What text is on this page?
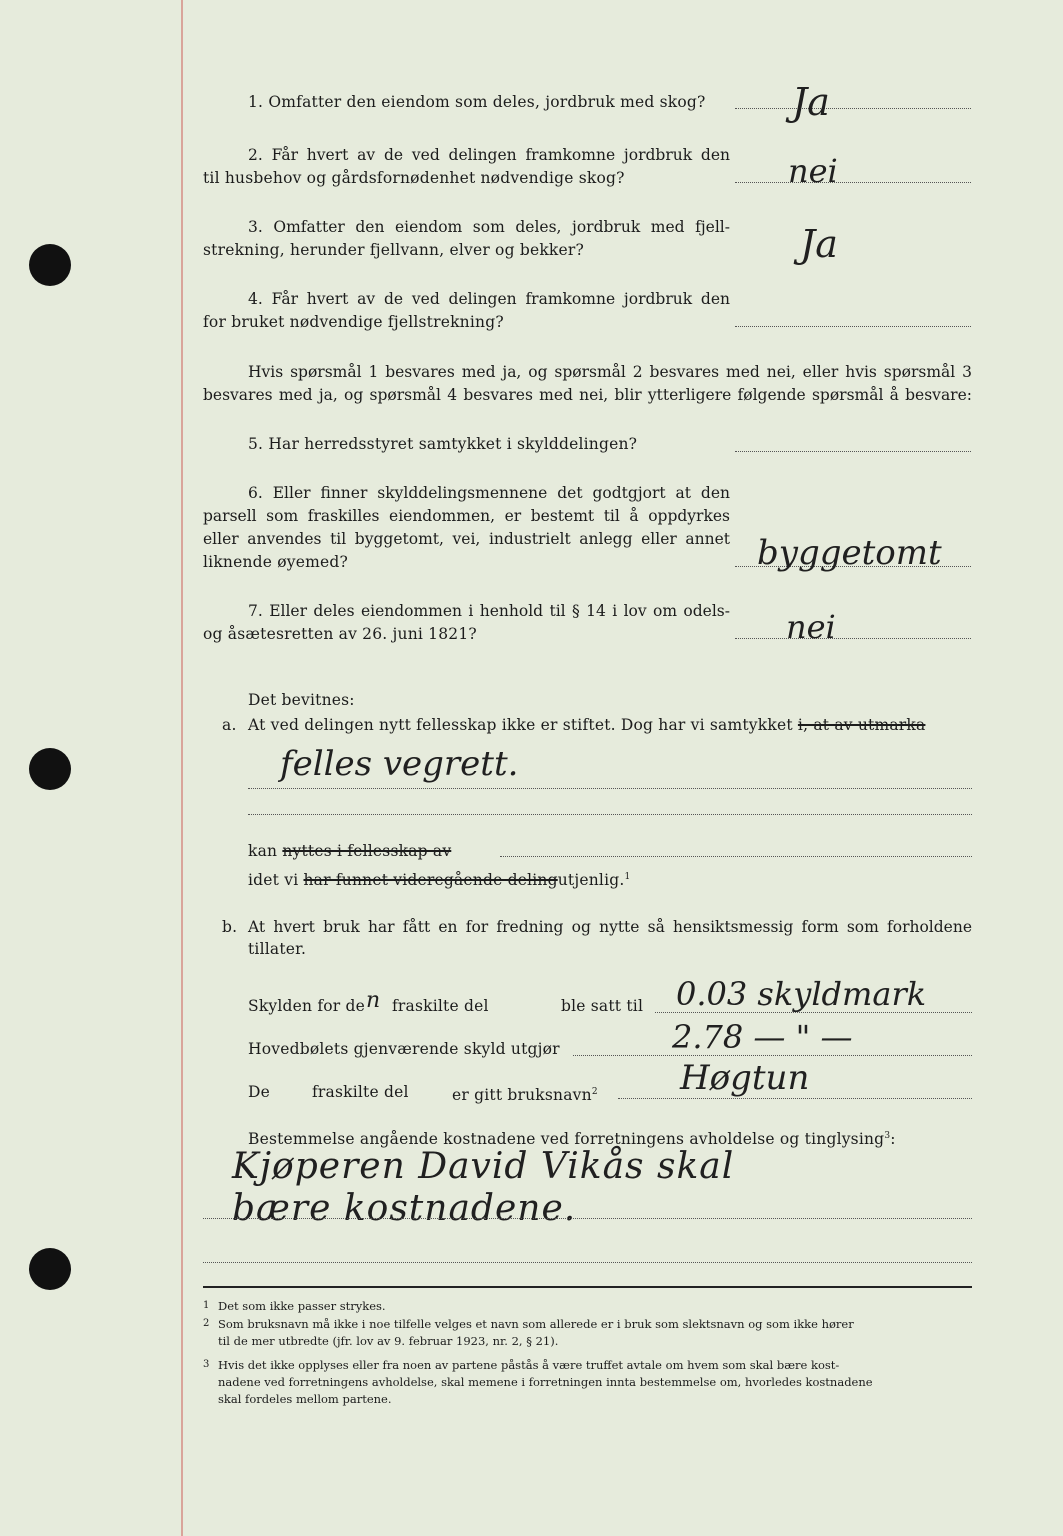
1. Omfatter den eiendom som deles, jordbruk med skog? Ja
2. Får hvert av de ved delingen framkomne jordbruk den
til husbehov og gårdsfornødenhet nødvendige skog?	nei
3. Omfatter den eiendom som deles, jordbruk med fjell-
strekning, herunder fjellvann, elver og bekker?	Ja
4. Får hvert av de ved delingen framkomne jordbruk den
for bruket nødvendige fjellstrekning?
Hvis spørsmål 1 besvares med ja, og spørsmål 2 besvares med nei, eller hvis spørsmål 3
besvares med ja, og spørsmål 4 besvares med nei, blir ytterligere følgende spørsmål å besvare:
5. Har herredsstyret samtykket i skylddelingen?
6. Eller finner skylddelingsmennene det godtgjort at den
parsell som fraskilles eiendommen, er bestemt til å oppdyrkes
eller anvendes til byggetomt, vei, industrielt anlegg eller annet
liknende øyemed?	byggetomt
7. Eller deles eiendommen i henhold til § 14 i lov om odels-
og åsætesretten av 26. juni 1821?	nei
Det bevitnes:
a. At ved delingen nytt fellesskap ikke er stiftet. Dog har vi samtykket i, at av utmarka
felles vegrett.
kan nyttes i fellesskap av
idet vi har funnet videregående delingutjenlig.$^1$
b. At hvert bruk har fått en for fredning og nytte så hensiktsmessig form som forholdene
tillater.
Skylden for de n fraskilte del	ble satt til 0.03 skyldmark
Hovedbølets gjenværende skyld utgjør	2.78 — " —
De	fraskilte del	er gitt bruksnavn$^2$ Høgtun
Bestemmelse angående kostnadene ved forretningens avholdelse og tinglysing$^3$:
Kjøperen David Vikås skal
bære kostnadene.
1 Det som ikke passer strykes.
2 Som bruksnavn må ikke i noe tilfelle velges et navn som allerede er i bruk som slektsnavn og som ikke hører
til de mer utbredte (jfr. lov av 9. februar 1923, nr. 2, § 21).
3 Hvis det ikke opplyses eller fra noen av partene påstås å være truffet avtale om hvem som skal bære kost-
nadene ved forretningens avholdelse, skal memene i forretningen innta bestemmelse om, hvorledes kostnadene
skal fordeles mellom partene.
